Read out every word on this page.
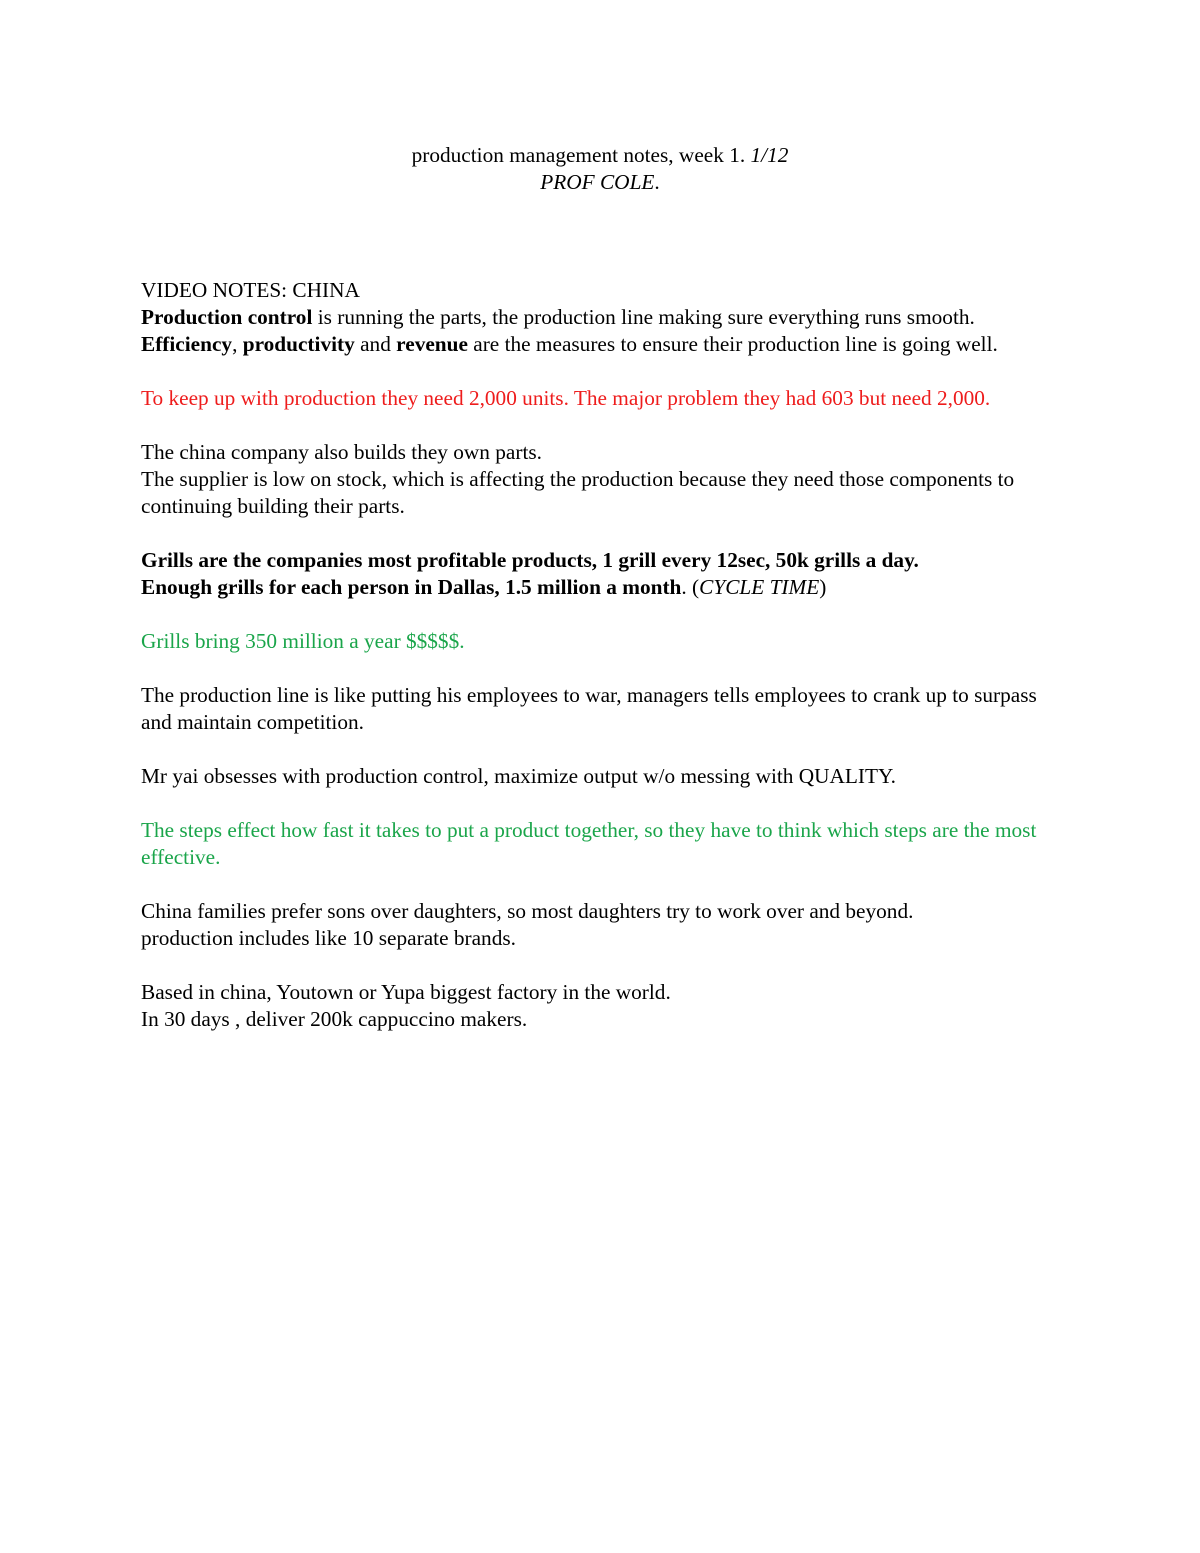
production management notes, week 1. 1/12
PROF COLE.

VIDEO NOTES: CHINA

Production control is running the parts, the production line making sure everything runs smooth.

Efficiency, productivity and revenue are the measures to ensure their production line is going well.

To keep up with production they need 2,000 units. The major problem they had 603 but need 2,000.

The china company also builds they own parts.

The supplier is low on stock, which is affecting the production because they need those components to continuing building their parts.

Grills are the companies most profitable products, 1 grill every 12sec, 50k grills a day.
Enough grills for each person in Dallas, 1.5 million a month. (CYCLE TIME)

Grills bring 350 million a year $$$$$.

The production line is like putting his employees to war, managers tells employees to crank up to surpass and maintain competition.

Mr yai obsesses with production control, maximize output w/o messing with QUALITY.

The steps effect how fast it takes to put a product together, so they have to think which steps are the most effective.

China families prefer sons over daughters, so most daughters try to work over and beyond.

production includes like 10 separate brands.

Based in china, Youtown or Yupa biggest factory in the world.

In 30 days , deliver 200k cappuccino makers.
